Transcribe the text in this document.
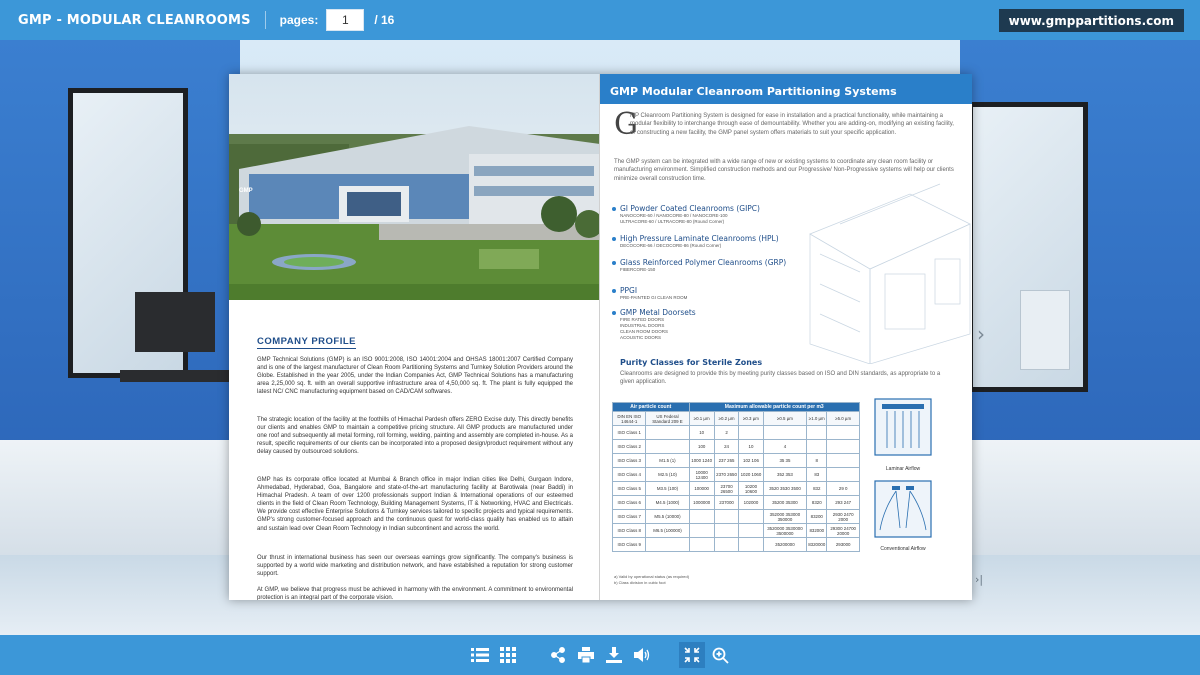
GMP - MODULAR CLEANROOMS pages:
1	/ 16	www.gmppartitions.com
›
›|
GMP
COMPANY PROFILE

GMP Technical Solutions (GMP) is an ISO 9001:2008, ISO 14001:2004 and OHSAS 18001:2007 Certified Company and is one of the largest manufacturer of Clean Room Partitioning Systems and Turnkey Solution Providers around the Globe. Established in the year 2005, under the Indian Companies Act, GMP Technical Solutions has a manufacturing area 2,25,000 sq. ft. with an overall supportive infrastructure area of 4,50,000 sq. ft. The plant is fully equipped the latest NC/ CNC manufacturing equipment based on CAD/CAM softwares.

The strategic location of the facility at the foothills of Himachal Pardesh offers ZERO Excise duty. This directly benefits our clients and enables GMP to maintain a competitive pricing structure. All GMP products are manufactured under one roof and subsequently all metal forming, roll forming, welding, painting and assembly are completed in-house. As a result, specific requirements of our clients can be incorporated into a proposed design/product requirement without any delay caused by outsourced solutions.

GMP has its corporate office located at Mumbai & Branch office in major Indian cities like Delhi, Gurgaon Indore, Ahmedabad, Hyderabad, Goa, Bangalore and state-of-the-art manufacturing facility at Barotiwala (near Baddi) in Himachal Pradesh. A team of over 1200 professionals support Indian & International operations of our esteemed clients in the field of Clean Room Technology, Building Management Systems, IT & Networking, HVAC and Electricals. We provide cost effective Enterprise Solutions & Turnkey services tailored to specific projects and typical requirements. GMP's strong customer-focused approach and the continuous quest for world-class quality has enabled us to attain and sustain lead over Clean Room Technology in Indian subcontinent and across the world.

Our thrust in international business has seen our overseas earnings grow significantly. The company's business is supported by a world wide marketing and distribution network, and have established a reputation for strong customer support.

At GMP, we believe that progress must be achieved in harmony with the environment. A commitment to environmental protection is an integral part of the corporate vision.

GMP Modular Cleanroom Partitioning Systems
G

MP Cleanroom Partitioning System is designed for ease in installation and a practical functionality, while maintaining a modular flexibility to interchange through ease of demountability. Whether you are adding-on, modifying an existing facility, or constructing a new facility, the GMP panel system offers materials to suit your specific application.

The GMP system can be integrated with a wide range of new or existing systems to coordinate any clean room facility or manufacturing environment. Simplified construction methods and our Progressive/ Non-Progressive systems will help our clients minimize overall construction time.

GI Powder Coated Cleanrooms (GIPC)
NANOCORE-60 / NANOCORE-80 / NANOCORE-100
ULTRACORE-60 / ULTRACORE-80 (Round Corner)
High Pressure Laminate Cleanrooms (HPL)
DECOCORE-66 / DECOCORE-86 (Round Corner)
Glass Reinforced Polymer Cleanrooms (GRP)
FIBERCORE-150
PPGI
PRE-PAINTED GI CLEAN ROOM
GMP Metal Doorsets
FIRE RATED DOORS
INDUSTRIAL DOORS
CLEAN ROOM DOORS
ACOUSTIC DOORS
Purity Classes for Sterile Zones

Cleanrooms are designed to provide this by meeting purity classes based on ISO and DIN standards, as appropriate to a given application.

Air particle count		Maximum allowable particle count per m3					
DIN EN ISO 14644-1	US Federal Standard 209 E	≥0.1 µm	≥0.2 µm	≥0.3 µm	≥0.5 µm	≥1.0 µm	≥5.0 µm
ISO Class 1		10	2				
ISO Class 2		100	24	10	4		
ISO Class 3	M1.5 (1)	1000 1240	237 265	102 106	35 35	8	
ISO Class 4	M2.5 (10)	10000 12400	2370 2650	1020 1060	352 353	83	
ISO Class 5	M3.5 (100)	100000	23700 26500	10200 10600	3520 3530 3500	832	29 0
ISO Class 6	M4.5 (1000)	1000000	237000	102000	35200 35300	8320	293 247
ISO Class 7	M5.5 (10000)				352000 353000 350000	83200	2930 2470 2000
ISO Class 8	M6.5 (100000)				3520000 3530000 3500000	832000	29300 24700 20000
ISO Class 9					35200000	8320000	293000
a) Valid by operational status (as required)
b) Class division in cubic foot
Laminar Airflow
Conventional Airflow
